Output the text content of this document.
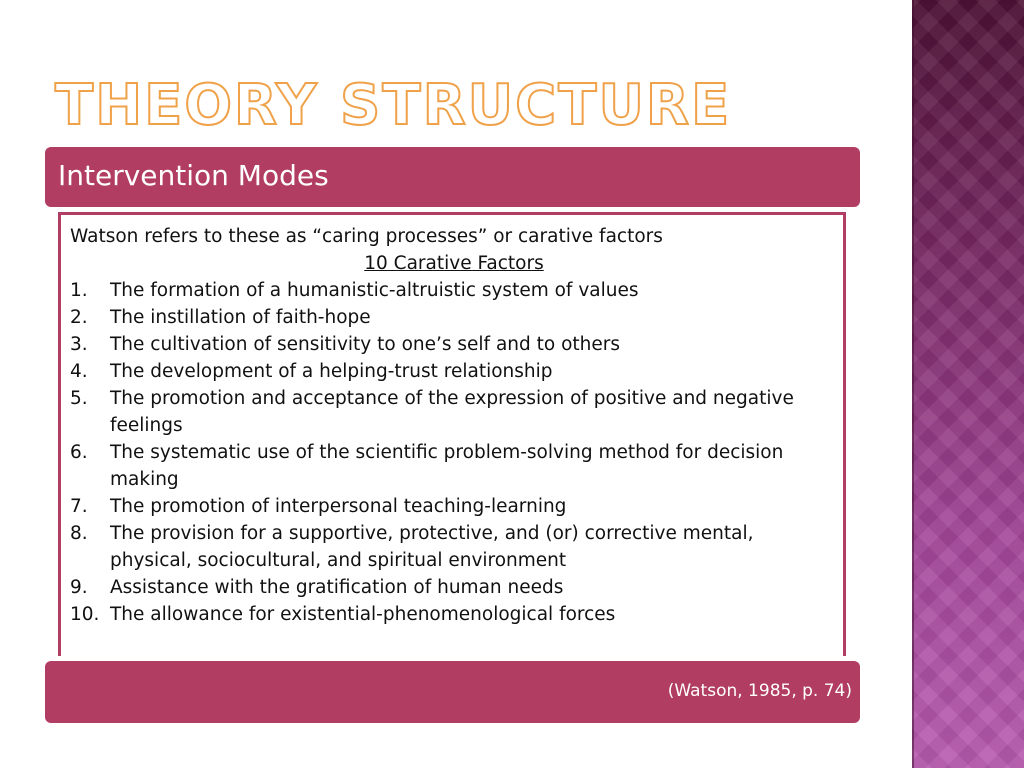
THEORY STRUCTURE
Intervention Modes
Watson refers to these as “caring processes” or carative factors
10 Carative Factors
1.	The formation of a humanistic-altruistic system of values
2.	The instillation of faith-hope
3.	The cultivation of sensitivity to one’s self and to others
4.	The development of a helping-trust relationship
5.	The promotion and acceptance of the expression of positive and negative feelings
6.	The systematic use of the scientific problem-solving method for decision making
7.	The promotion of interpersonal teaching-learning
8.	The provision for a supportive, protective, and (or) corrective mental, physical, sociocultural, and spiritual environment
9.	Assistance with the gratification of human needs
10. The allowance for existential-phenomenological forces
(Watson, 1985, p. 74)
